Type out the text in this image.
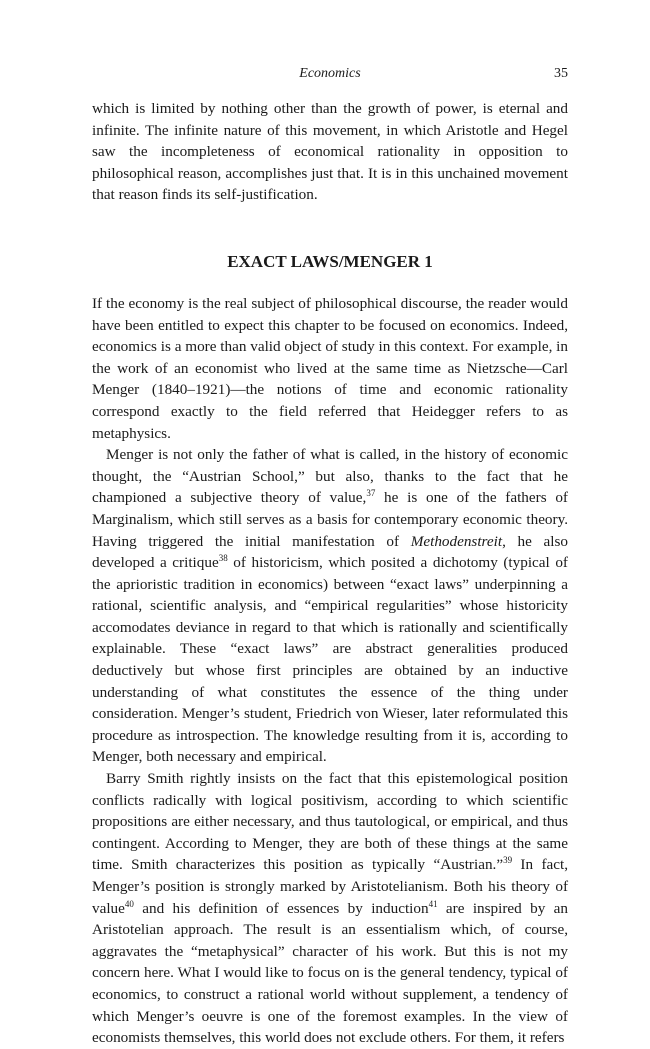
Economics	35

which is limited by nothing other than the growth of power, is eternal and infinite. The infinite nature of this movement, in which Aristotle and Hegel saw the incompleteness of economical rationality in opposition to philosophical reason, accomplishes just that. It is in this unchained movement that reason finds its self-justification.

EXACT LAWS/MENGER 1

If the economy is the real subject of philosophical discourse, the reader would have been entitled to expect this chapter to be focused on economics. Indeed, economics is a more than valid object of study in this context. For example, in the work of an economist who lived at the same time as Nietzsche—Carl Menger (1840–1921)—the notions of time and economic rationality correspond exactly to the field referred that Heidegger refers to as metaphysics.

Menger is not only the father of what is called, in the history of economic thought, the “Austrian School,” but also, thanks to the fact that he championed a subjective theory of value,$^{37}$ he is one of the fathers of Marginalism, which still serves as a basis for contemporary economic theory. Having triggered the initial manifestation of Methodenstreit, he also developed a critique$^{38}$ of historicism, which posited a dichotomy (typical of the aprioristic tradition in economics) between “exact laws” underpinning a rational, scientific analysis, and “empirical regularities” whose historicity accomodates deviance in regard to that which is rationally and scientifically explainable. These “exact laws” are abstract generalities produced deductively but whose first principles are obtained by an inductive understanding of what constitutes the essence of the thing under consideration. Menger’s student, Friedrich von Wieser, later reformulated this procedure as introspection. The knowledge resulting from it is, according to Menger, both necessary and empirical.

Barry Smith rightly insists on the fact that this epistemological position conflicts radically with logical positivism, according to which scientific propositions are either necessary, and thus tautological, or empirical, and thus contingent. According to Menger, they are both of these things at the same time. Smith characterizes this position as typically “Austrian.”$^{39}$ In fact, Menger’s position is strongly marked by Aristotelianism. Both his theory of value$^{40}$ and his definition of essences by induction$^{41}$ are inspired by an Aristotelian approach. The result is an essentialism which, of course, aggravates the “metaphysical” character of his work. But this is not my concern here. What I would like to focus on is the general tendency, typical of economics, to construct a rational world without supplement, a tendency of which Menger’s oeuvre is one of the foremost examples. In the view of economists themselves, this world does not exclude others. For them, it refers
